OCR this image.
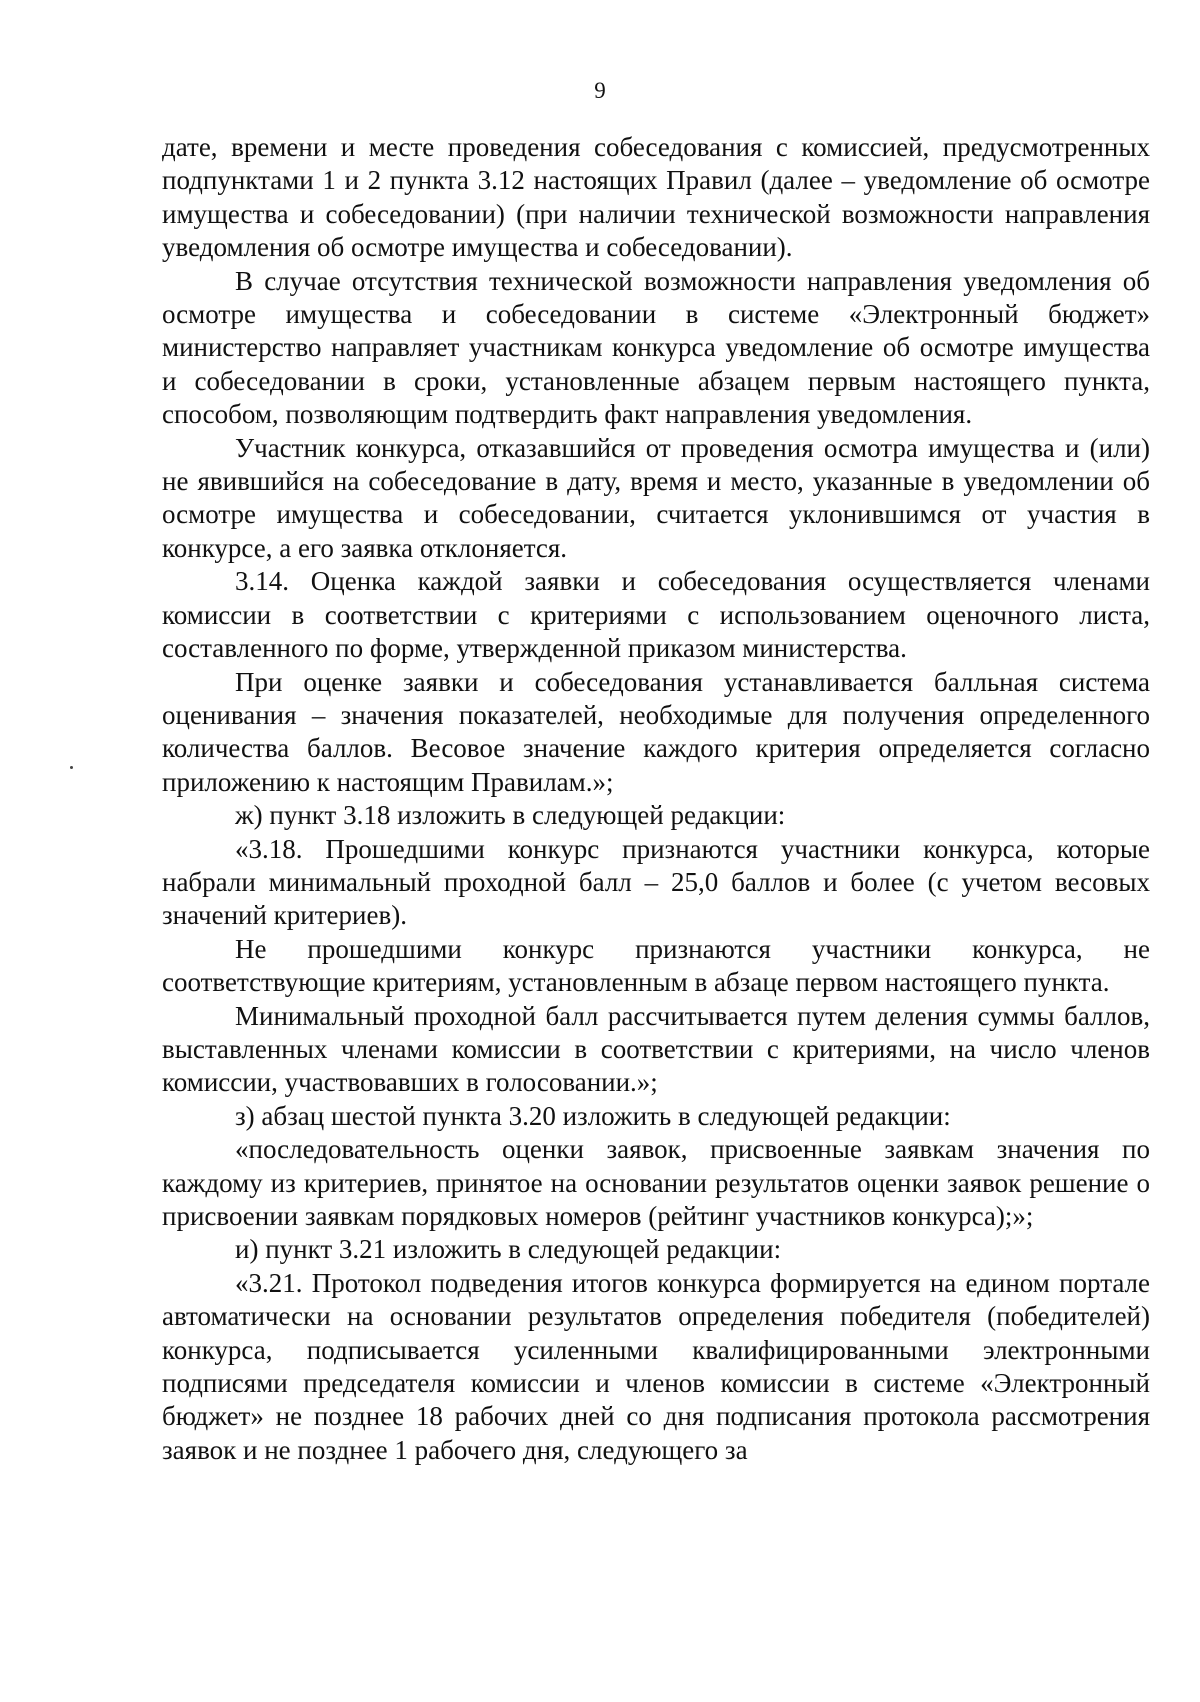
9

дате, времени и месте проведения собеседования с комиссией, предусмотренных подпунктами 1 и 2 пункта 3.12 настоящих Правил (далее – уведомление об осмотре имущества и собеседовании) (при наличии технической возможности направления уведомления об осмотре имущества и собеседовании).

В случае отсутствия технической возможности направления уведомления об осмотре имущества и собеседовании в системе «Электронный бюджет» министерство направляет участникам конкурса уведомление об осмотре имущества и собеседовании в сроки, установленные абзацем первым настоящего пункта, способом, позволяющим подтвердить факт направления уведомления.

Участник конкурса, отказавшийся от проведения осмотра имущества и (или) не явившийся на собеседование в дату, время и место, указанные в уведомлении об осмотре имущества и собеседовании, считается уклонившимся от участия в конкурсе, а его заявка отклоняется.

3.14. Оценка каждой заявки и собеседования осуществляется членами комиссии в соответствии с критериями с использованием оценочного листа, составленного по форме, утвержденной приказом министерства.

При оценке заявки и собеседования устанавливается балльная система оценивания – значения показателей, необходимые для получения определенного количества баллов. Весовое значение каждого критерия определяется согласно приложению к настоящим Правилам.»;

ж) пункт 3.18 изложить в следующей редакции:

«3.18. Прошедшими конкурс признаются участники конкурса, которые набрали минимальный проходной балл – 25,0 баллов и более (с учетом весовых значений критериев).

Не прошедшими конкурс признаются участники конкурса, не соответствующие критериям, установленным в абзаце первом настоящего пункта.

Минимальный проходной балл рассчитывается путем деления суммы баллов, выставленных членами комиссии в соответствии с критериями, на число членов комиссии, участвовавших в голосовании.»;

з) абзац шестой пункта 3.20 изложить в следующей редакции:

«последовательность оценки заявок, присвоенные заявкам значения по каждому из критериев, принятое на основании результатов оценки заявок решение о присвоении заявкам порядковых номеров (рейтинг участников конкурса);»;

и) пункт 3.21 изложить в следующей редакции:

«3.21. Протокол подведения итогов конкурса формируется на едином портале автоматически на основании результатов определения победителя (победителей) конкурса, подписывается усиленными квалифицированными электронными подписями председателя комиссии и членов комиссии в системе «Электронный бюджет» не позднее 18 рабочих дней со дня подписания протокола рассмотрения заявок и не позднее 1 рабочего дня, следующего за
